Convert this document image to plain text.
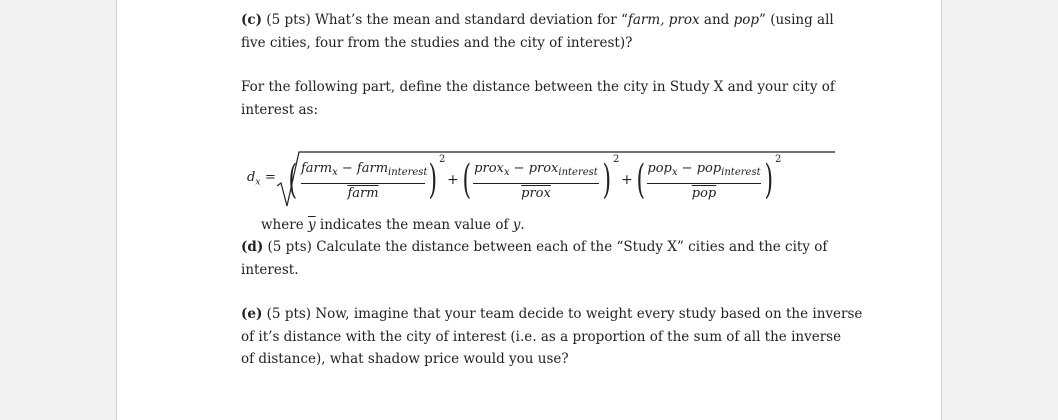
(c) (5 pts) What’s the mean and standard deviation for “farm, prox and pop” (using all
five cities, four from the studies and the city of interest)?
For the following part, define the distance between the city in Study X and your city of
interest as:
$d_x$ = ( farm$_x$ − farm$_{interest}$
farm	) 2
+ ( prox$_x$ − prox$_{interest}$
prox	) 2
+ ( pop$_x$ − pop$_{interest}$
$\overline{pop}$	) 2
where $\overline{y}$ indicates the mean value of y.
(d) (5 pts) Calculate the distance between each of the “Study X” cities and the city of
interest.
(e) (5 pts) Now, imagine that your team decide to weight every study based on the inverse
of it’s distance with the city of interest (i.e. as a proportion of the sum of all the inverse
of distance), what shadow price would you use?
